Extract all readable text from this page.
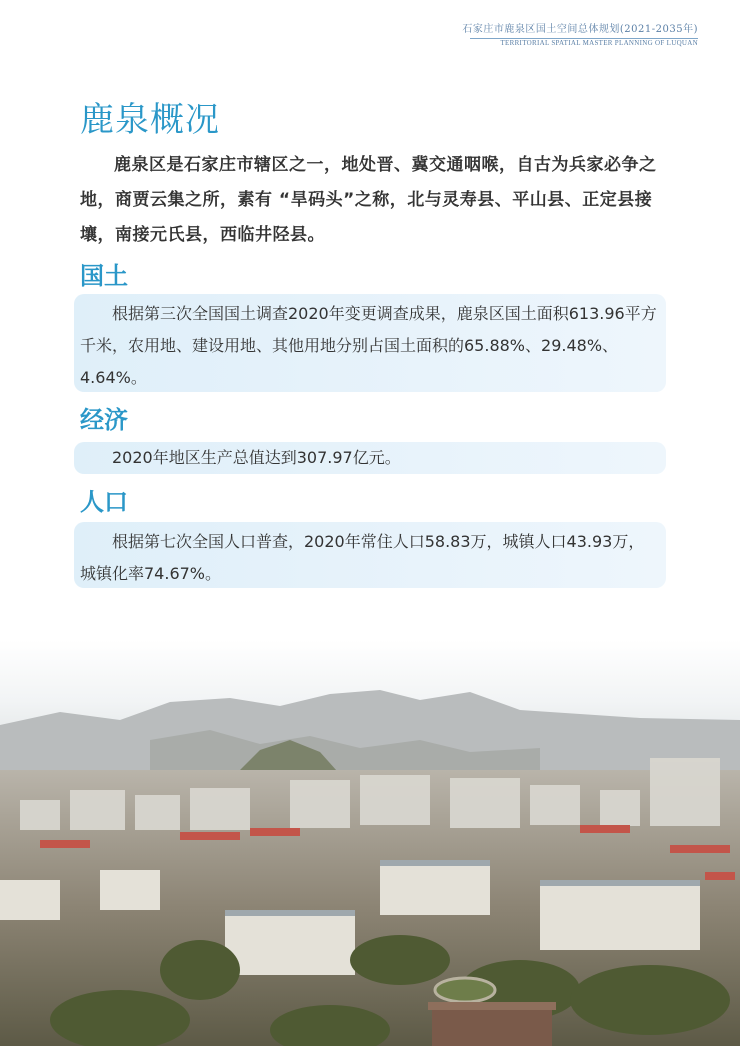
石家庄市鹿泉区国土空间总体规划(2021-2035年)
TERRITORIAL SPATIAL MASTER PLANNING OF LUQUAN
鹿泉概况
鹿泉区是石家庄市辖区之一，地处晋、冀交通咽喉，自古为兵家必争之地，商贾云集之所，素有 “旱码头”之称，北与灵寿县、平山县、正定县接壤，南接元氏县，西临井陉县。
国土

根据第三次全国国土调查2020年变更调查成果，鹿泉区国土面积613.96平方千米，农用地、建设用地、其他用地分别占国土面积的65.88%、29.48%、4.64%。

经济

2020年地区生产总值达到307.97亿元。

人口

根据第七次全国人口普查，2020年常住人口58.83万，城镇人口43.93万，城镇化率74.67%。
